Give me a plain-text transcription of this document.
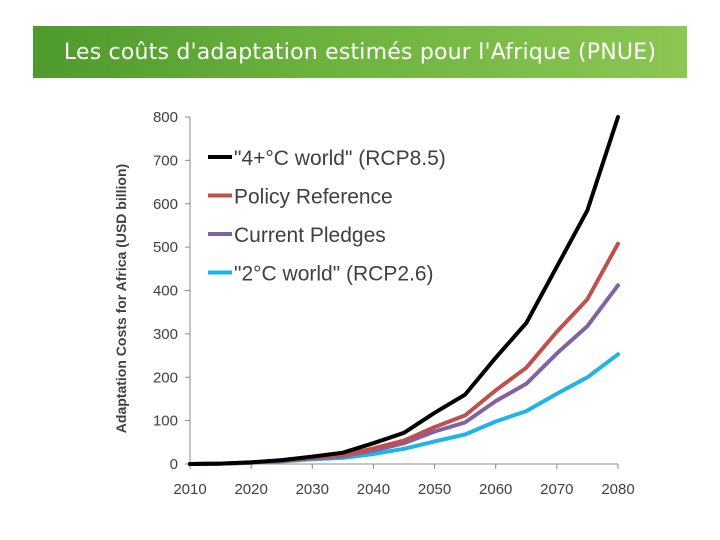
Les coûts d'adaptation estimés pour l'Afrique (PNUE)
0
100
200
300
400
500
600
700
800
2010 2020 2030 2040 2050 2060 2070 2080
Adaptation Costs for Africa (USD billion)
"4+°C world" (RCP8.5)
Policy Reference
Current Pledges
"2°C world" (RCP2.6)
